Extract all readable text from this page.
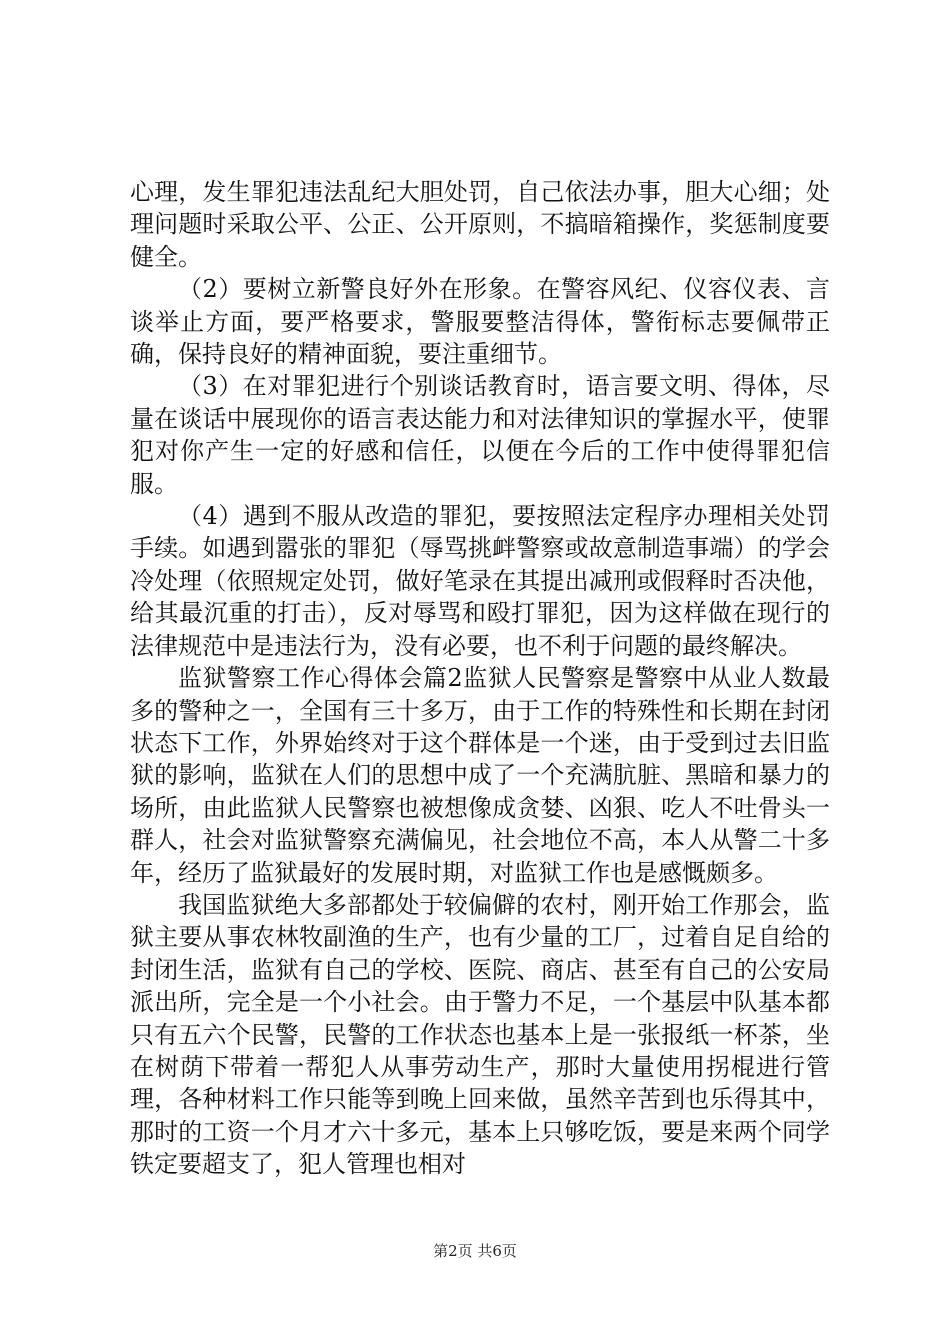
心理，发生罪犯违法乱纪大胆处罚，自己依法办事，胆大心细；处理问题时采取公平、公正、公开原则，不搞暗箱操作，奖惩制度要健全。

（2）要树立新警良好外在形象。在警容风纪、仪容仪表、言谈举止方面，要严格要求，警服要整洁得体，警衔标志要佩带正确，保持良好的精神面貌，要注重细节。

（3）在对罪犯进行个别谈话教育时，语言要文明、得体，尽量在谈话中展现你的语言表达能力和对法律知识的掌握水平，使罪犯对你产生一定的好感和信任，以便在今后的工作中使得罪犯信服。

（4）遇到不服从改造的罪犯，要按照法定程序办理相关处罚手续。如遇到嚣张的罪犯（辱骂挑衅警察或故意制造事端）的学会冷处理（依照规定处罚，做好笔录在其提出减刑或假释时否决他，给其最沉重的打击），反对辱骂和殴打罪犯，因为这样做在现行的法律规范中是违法行为，没有必要，也不利于问题的最终解决。

监狱警察工作心得体会篇2监狱人民警察是警察中从业人数最多的警种之一，全国有三十多万，由于工作的特殊性和长期在封闭状态下工作，外界始终对于这个群体是一个迷，由于受到过去旧监狱的影响，监狱在人们的思想中成了一个充满肮脏、黑暗和暴力的场所，由此监狱人民警察也被想像成贪婪、凶狠、吃人不吐骨头一群人，社会对监狱警察充满偏见，社会地位不高，本人从警二十多年，经历了监狱最好的发展时期，对监狱工作也是感慨颇多。

我国监狱绝大多部都处于较偏僻的农村，刚开始工作那会，监狱主要从事农林牧副渔的生产，也有少量的工厂，过着自足自给的封闭生活，监狱有自己的学校、医院、商店、甚至有自己的公安局派出所，完全是一个小社会。由于警力不足，一个基层中队基本都只有五六个民警，民警的工作状态也基本上是一张报纸一杯茶，坐在树荫下带着一帮犯人从事劳动生产，那时大量使用拐棍进行管理，各种材料工作只能等到晚上回来做，虽然辛苦到也乐得其中，那时的工资一个月才六十多元，基本上只够吃饭，要是来两个同学铁定要超支了，犯人管理也相对

第2页 共6页
